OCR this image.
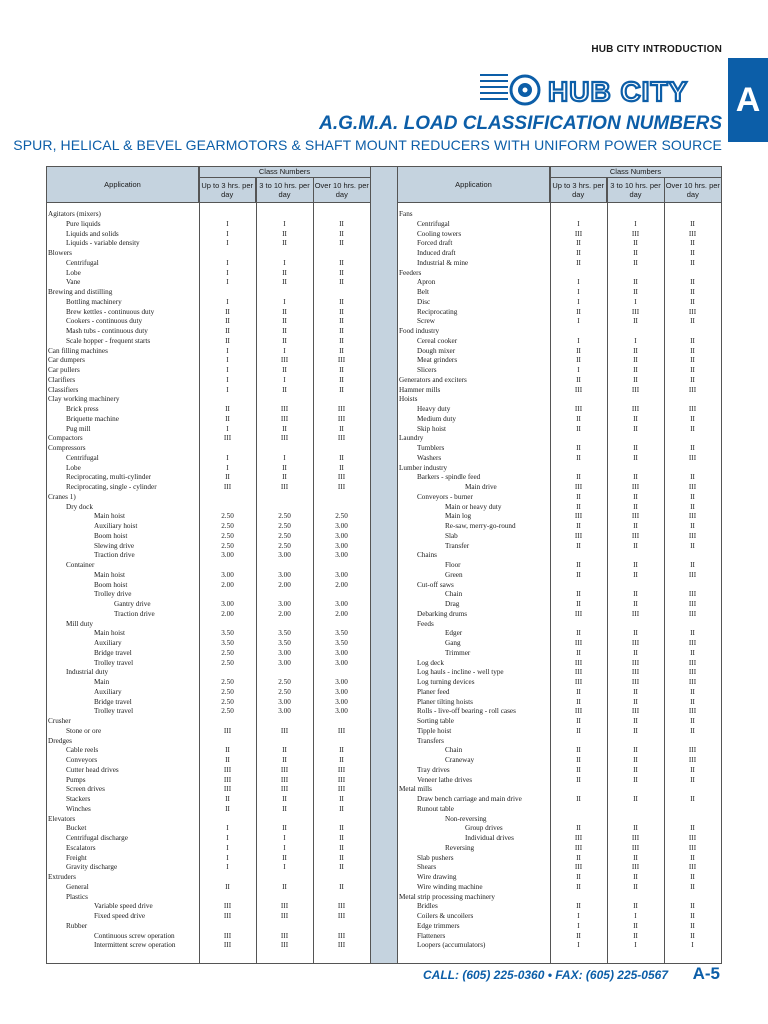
HUB CITY INTRODUCTION
HUB CITY A
A.G.M.A. LOAD CLASSIFICATION NUMBERS
SPUR, HELICAL & BEVEL GEARMOTORS & SHAFT MOUNT REDUCERS WITH UNIFORM POWER SOURCE
Application
Class Numbers
Up to 3 hrs. per day
3 to 10 hrs. per day
Over 10 hrs. per day
Agitators (mixers)
Pure liquids	I	I	II
Liquids and solids	I	II	II
Liquids - variable density	I	II	II
Blowers
Centrifugal	I	I	II
Lobe	I	II	II
Vane	I	II	II
Brewing and distilling
Bottling machinery	I	I	II
Brew kettles - continuous duty	II	II	II
Cookers - continuous duty	II	II	II
Mash tubs - continuous duty	II	II	II
Scale hopper - frequent starts	II	II	II
Can filling machines	I	I	II
Car dumpers	I	III	III
Car pullers	I	II	II
Clarifiers	I	I	II
Classifiers	I	II	II
Clay working machinery
Brick press	II	III	III
Briquette machine	II	III	III
Pug mill	I	II	II
Compactors	III	III	III
Compressors
Centrifugal	I	I	II
Lobe	I	II	II
Reciprocating, multi-cylinder	II	II	III
Reciprocating, single - cylinder	III	III	III
Cranes 1)
Dry dock
Main hoist	2.50	2.50	2.50
Auxiliary hoist	2.50	2.50	3.00
Boom hoist	2.50	2.50	3.00
Slewing drive	2.50	2.50	3.00
Traction drive	3.00	3.00	3.00
Container
Main hoist	3.00	3.00	3.00
Boom hoist	2.00	2.00	2.00
Trolley drive
Gantry drive	3.00	3.00	3.00
Traction drive	2.00	2.00	2.00
Mill duty
Main hoist	3.50	3.50	3.50
Auxiliary	3.50	3.50	3.50
Bridge travel	2.50	3.00	3.00
Trolley travel	2.50	3.00	3.00
Industrial duty
Main	2.50	2.50	3.00
Auxiliary	2.50	2.50	3.00
Bridge travel	2.50	3.00	3.00
Trolley travel	2.50	3.00	3.00
Crusher
Stone or ore	III	III	III
Dredges
Cable reels	II	II	II
Conveyors	II	II	II
Cutter head drives	III	III	III
Pumps	III	III	III
Screen drives	III	III	III
Stackers	II	II	II
Winches	II	II	II
Elevators
Bucket	I	II	II
Centrifugal discharge	I	I	II
Escalators	I	I	II
Freight	I	II	II
Gravity discharge	I	I	II
Extruders
General	II	II	II
Plastics
Variable speed drive	III	III	III
Fixed speed drive	III	III	III
Rubber
Continuous screw operation	III	III	III
Intermittent screw operation	III	III	III
Application
Class Numbers
Up to 3 hrs. per day
3 to 10 hrs. per day
Over 10 hrs. per day
Fans
Centrifugal	I	I	II
Cooling towers	III	III	III
Forced draft	II	II	II
Induced draft	II	II	II
Industrial & mine	II	II	II
Feeders
Apron	I	II	II
Belt	I	II	II
Disc	I	I	II
Reciprocating	II	III	III
Screw	I	II	II
Food industry
Cereal cooker	I	I	II
Dough mixer	II	II	II
Meat grinders	II	II	II
Slicers	I	II	II
Generators and exciters	II	II	II
Hammer mills	III	III	III
Hoists
Heavy duty	III	III	III
Medium duty	II	II	II
Skip hoist	II	II	II
Laundry
Tumblers	II	II	II
Washers	II	II	III
Lumber industry
Barkers - spindle feed	II	II	II
Main drive	III	III	III
Conveyors - burner	II	II	II
Main or heavy duty	II	II	II
Main log	III	III	III
Re-saw, merry-go-round	II	II	II
Slab	III	III	III
Transfer	II	II	II
Chains
Floor	II	II	II
Green	II	II	III
Cut-off saws
Chain	II	II	III
Drag	II	II	III
Debarking drums	III	III	III
Feeds
Edger	II	II	II
Gang	III	III	III
Trimmer	II	II	II
Log deck	III	III	III
Log hauls - incline - well type	III	III	III
Log turning devices	III	III	III
Planer feed	II	II	II
Planer tilting hoists	II	II	II
Rolls - live-off bearing - roll cases	III	III	III
Sorting table	II	II	II
Tipple hoist	II	II	II
Transfers
Chain	II	II	III
Craneway	II	II	III
Tray drives	II	II	II
Veneer lathe drives	II	II	II
Metal mills
Draw bench carriage and main drive	II	II	II
Runout table
Non-reversing
Group drives	II	II	II
Individual drives	III	III	III
Reversing	III	III	III
Slab pushers	II	II	II
Shears	III	III	III
Wire drawing	II	II	II
Wire winding machine	II	II	II
Metal strip processing machinery
Bridles	II	II	II
Coilers & uncoilers	I	I	II
Edge trimmers	I	II	II
Flatteners	II	II	II
Loopers (accumulators)	I	I	I
CALL: (605) 225-0360 • FAX: (605) 225-0567 A-5
